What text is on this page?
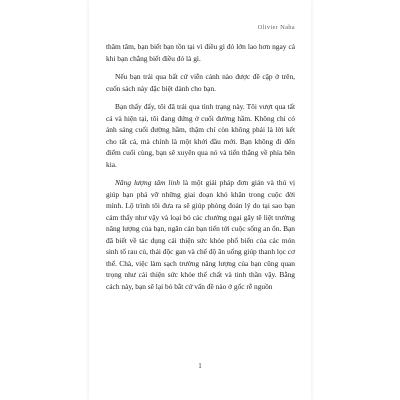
Olivier Naha

thăm tâm, bạn biết bạn tồn tại vì điều gì đó lớn lao hơn ngay cả khi bạn chẳng biết điều đó là gì.

Nếu bạn trải qua bất cứ viễn cảnh nào được đề cập ở trên, cuốn sách này đặc biệt dành cho bạn.

Bạn thấy đấy, tôi đã trải qua tình trạng này. Tôi vượt qua tất cả và hiện tại, tôi đang đứng ở cuối đường hầm. Không chỉ có ánh sáng cuối đường hầm, thậm chí còn không phải là lời kết cho tất cả, mà chính là một khởi đầu mới. Bạn không đi đến điểm cuối cùng, bạn sẽ xuyên qua nó và tiến thẳng về phía bên kia.

Năng lượng tâm linh là một giải pháp đơn giản và thú vị giúp bạn phá vỡ những giai đoạn khó khăn trong cuộc đời mình. Lộ trình tôi đưa ra sẽ giúp phòng đoán lý do tại sao bạn cảm thấy như vậy và loại bỏ các chướng ngại gây tê liệt trường năng lượng của bạn, ngăn cản bạn tiến tới cuộc sống an ổn. Bạn đã biết về tác dụng cải thiện sức khỏe phổ biến của các món sinh tố rau củ, thải độc gan và chế độ ăn uống giúp thanh lọc cơ thể. Chà, việc làm sạch trường năng lượng của bạn cũng quan trọng như cải thiện sức khỏe thể chất và tinh thần vậy. Bằng cách này, bạn sẽ lại bỏ bắt cứ vấn đề nào ở gốc rễ nguồn

1
